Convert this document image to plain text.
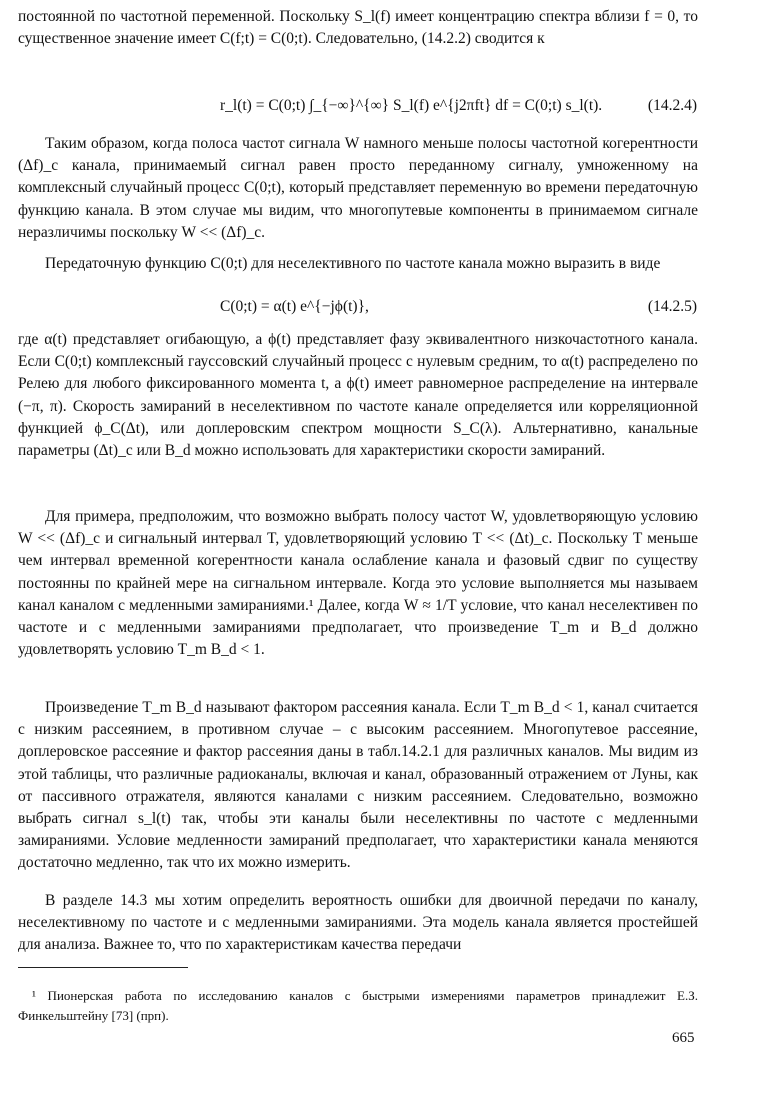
постоянной по частотной переменной. Поскольку S_l(f) имеет концентрацию спектра вблизи f = 0, то существенное значение имеет C(f;t) = C(0;t). Следовательно, (14.2.2) сводится к
r_l(t) = C(0;t) ∫_{−∞}^{∞} S_l(f) e^{j2πft} df = C(0;t) s_l(t).	(14.2.4)
Таким образом, когда полоса частот сигнала W намного меньше полосы частотной когерентности (Δf)_c канала, принимаемый сигнал равен просто переданному сигналу, умноженному на комплексный случайный процесс C(0;t), который представляет переменную во времени передаточную функцию канала. В этом случае мы видим, что многопутевые компоненты в принимаемом сигнале неразличимы поскольку W << (Δf)_c.
Передаточную функцию C(0;t) для неселективного по частоте канала можно выразить в виде
C(0;t) = α(t) e^{−jϕ(t)},	(14.2.5)
где α(t) представляет огибающую, а ϕ(t) представляет фазу эквивалентного низкочастотного канала. Если C(0;t) комплексный гауссовский случайный процесс с нулевым средним, то α(t) распределено по Релею для любого фиксированного момента t, а ϕ(t) имеет равномерное распределение на интервале (−π, π). Скорость замираний в неселективном по частоте канале определяется или корреляционной функцией ϕ_C(Δt), или доплеровским спектром мощности S_C(λ). Альтернативно, канальные параметры (Δt)_c или B_d можно использовать для характеристики скорости замираний.
Для примера, предположим, что возможно выбрать полосу частот W, удовлетворяющую условию W << (Δf)_c и сигнальный интервал T, удовлетворяющий условию T << (Δt)_c. Поскольку T меньше чем интервал временной когерентности канала ослабление канала и фазовый сдвиг по существу постоянны по крайней мере на сигнальном интервале. Когда это условие выполняется мы называем канал каналом с медленными замираниями.¹ Далее, когда W ≈ 1/T условие, что канал неселективен по частоте и с медленными замираниями предполагает, что произведение T_m и B_d должно удовлетворять условию T_m B_d < 1.
Произведение T_m B_d называют фактором рассеяния канала. Если T_m B_d < 1, канал считается с низким рассеянием, в противном случае – с высоким рассеянием. Многопутевое рассеяние, доплеровское рассеяние и фактор рассеяния даны в табл.14.2.1 для различных каналов. Мы видим из этой таблицы, что различные радиоканалы, включая и канал, образованный отражением от Луны, как от пассивного отражателя, являются каналами с низким рассеянием. Следовательно, возможно выбрать сигнал s_l(t) так, чтобы эти каналы были неселективны по частоте с медленными замираниями. Условие медленности замираний предполагает, что характеристики канала меняются достаточно медленно, так что их можно измерить.
В разделе 14.3 мы хотим определить вероятность ошибки для двоичной передачи по каналу, неселективному по частоте и с медленными замираниями. Эта модель канала является простейшей для анализа. Важнее то, что по характеристикам качества передачи
¹ Пионерская работа по исследованию каналов с быстрыми измерениями параметров принадлежит Е.З. Финкельштейну [73] (прп).
665
